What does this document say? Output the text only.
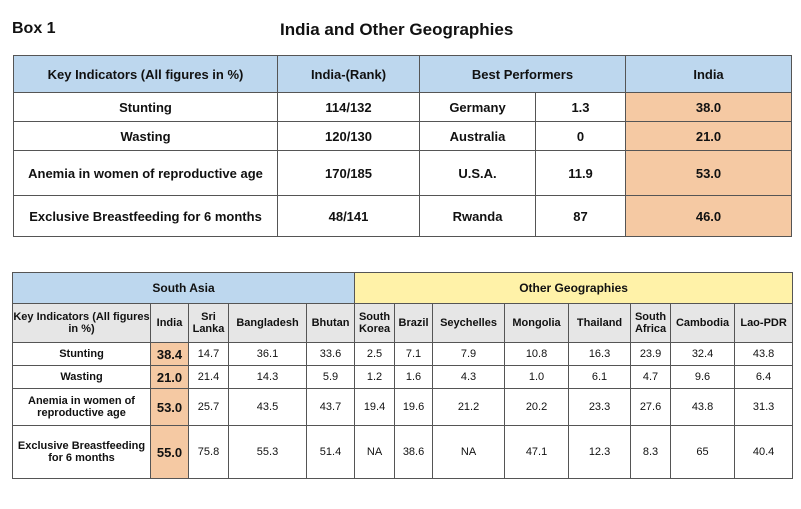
Box 1	India and Other Geographies
Key Indicators (All figures in %)	India-(Rank)	Best Performers		India
Stunting	114/132	Germany	1.3	38.0
Wasting	120/130	Australia	0	21.0
Anemia in women of reproductive age	170/185	U.S.A.	11.9	53.0
Exclusive Breastfeeding for 6 months	48/141	Rwanda	87	46.0
South Asia					Other Geographies							
Key Indicators (All figures in %)	India	Sri Lanka	Bangladesh	Bhutan	South Korea	Brazil	Seychelles	Mongolia	Thailand	South Africa	Cambodia	Lao-PDR
Stunting	38.4	14.7	36.1	33.6	2.5	7.1	7.9	10.8	16.3	23.9	32.4	43.8
Wasting	21.0	21.4	14.3	5.9	1.2	1.6	4.3	1.0	6.1	4.7	9.6	6.4
Anemia in women of reproductive age	53.0	25.7	43.5	43.7	19.4	19.6	21.2	20.2	23.3	27.6	43.8	31.3
Exclusive Breastfeeding for 6 months	55.0	75.8	55.3	51.4	NA	38.6	NA	47.1	12.3	8.3	65	40.4
